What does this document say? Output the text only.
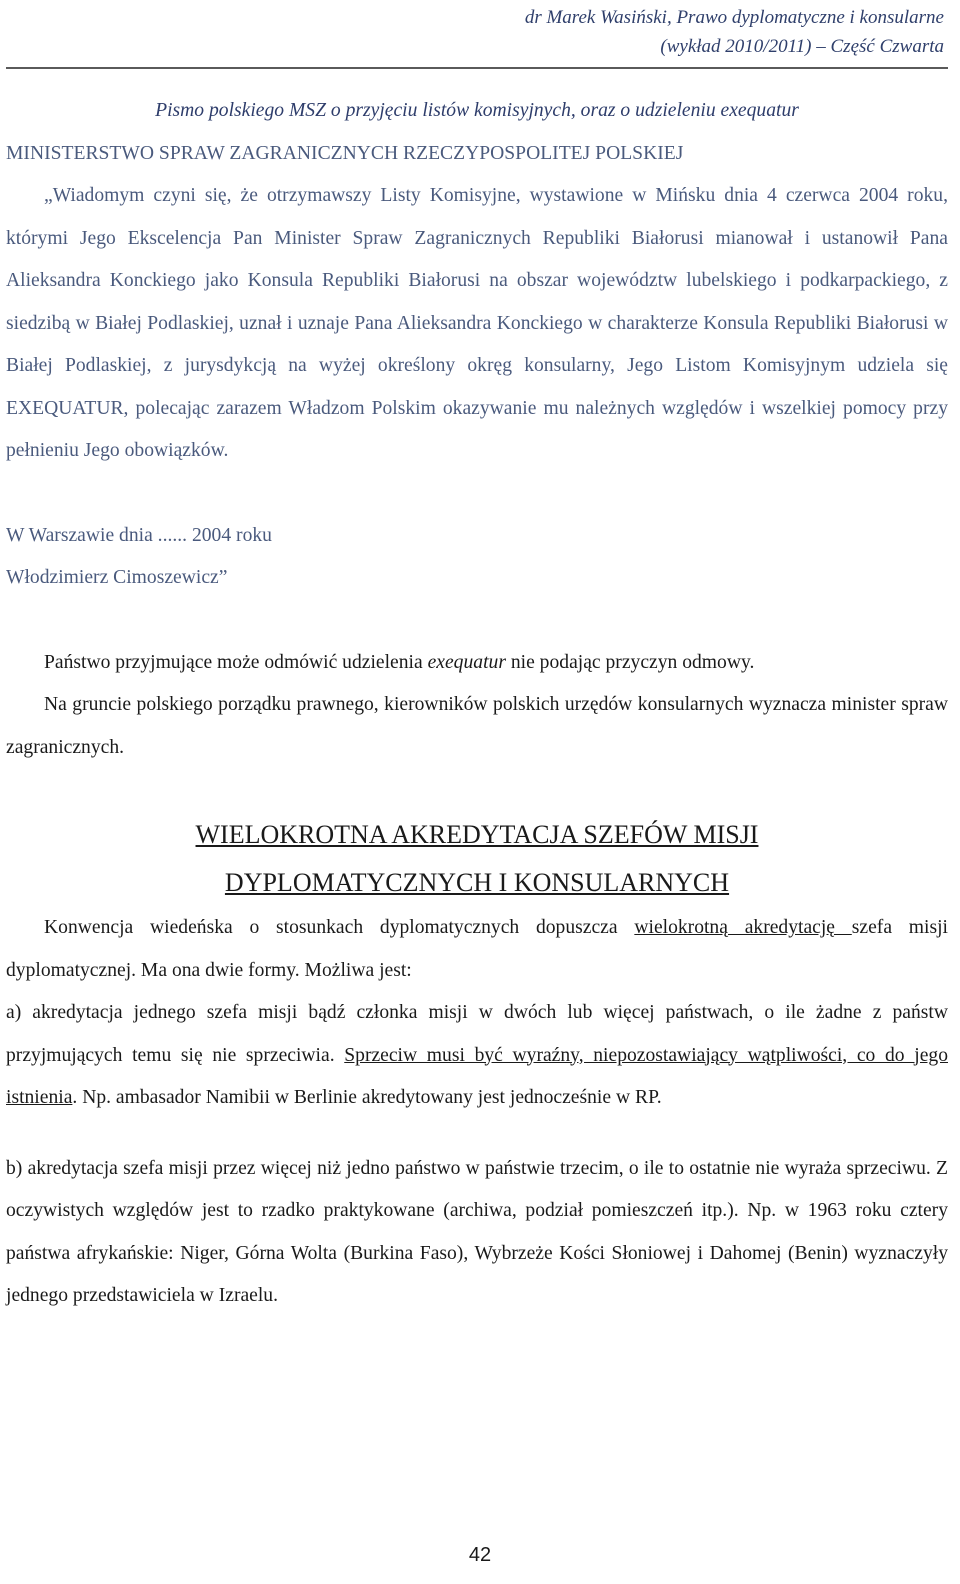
dr Marek Wasiński, Prawo dyplomatyczne i konsularne
(wykład 2010/2011) – Część Czwarta

Pismo polskiego MSZ o przyjęciu listów komisyjnych, oraz o udzieleniu exequatur

MINISTERSTWO SPRAW ZAGRANICZNYCH RZECZYPOSPOLITEJ POLSKIEJ

„Wiadomym czyni się, że otrzymawszy Listy Komisyjne, wystawione w Mińsku dnia 4 czerwca 2004 roku, którymi Jego Ekscelencja Pan Minister Spraw Zagranicznych Republiki Białorusi mianował i ustanowił Pana Alieksandra Konckiego jako Konsula Republiki Białorusi na obszar województw lubelskiego i podkarpackiego, z siedzibą w Białej Podlaskiej, uznał i uznaje Pana Alieksandra Konckiego w charakterze Konsula Republiki Białorusi w Białej Podlaskiej, z jurysdykcją na wyżej określony okręg konsularny, Jego Listom Komisyjnym udziela się EXEQUATUR, polecając zarazem Władzom Polskim okazywanie mu należnych względów i wszelkiej pomocy przy pełnieniu Jego obowiązków.

W Warszawie dnia ...... 2004 roku

Włodzimierz Cimoszewicz”

Państwo przyjmujące może odmówić udzielenia exequatur nie podając przyczyn odmowy.

Na gruncie polskiego porządku prawnego, kierowników polskich urzędów konsularnych wyznacza minister spraw zagranicznych.

WIELOKROTNA AKREDYTACJA SZEFÓW MISJI
DYPLOMATYCZNYCH I KONSULARNYCH

Konwencja wiedeńska o stosunkach dyplomatycznych dopuszcza wielokrotną akredytację szefa misji dyplomatycznej. Ma ona dwie formy. Możliwa jest:

a) akredytacja jednego szefa misji bądź członka misji w dwóch lub więcej państwach, o ile żadne z państw przyjmujących temu się nie sprzeciwia. Sprzeciw musi być wyraźny, niepozostawiający wątpliwości, co do jego istnienia. Np. ambasador Namibii w Berlinie akredytowany jest jednocześnie w RP.

b) akredytacja szefa misji przez więcej niż jedno państwo w państwie trzecim, o ile to ostatnie nie wyraża sprzeciwu. Z oczywistych względów jest to rzadko praktykowane (archiwa, podział pomieszczeń itp.). Np. w 1963 roku cztery państwa afrykańskie: Niger, Górna Wolta (Burkina Faso), Wybrzeże Kości Słoniowej i Dahomej (Benin) wyznaczyły jednego przedstawiciela w Izraelu.

42
